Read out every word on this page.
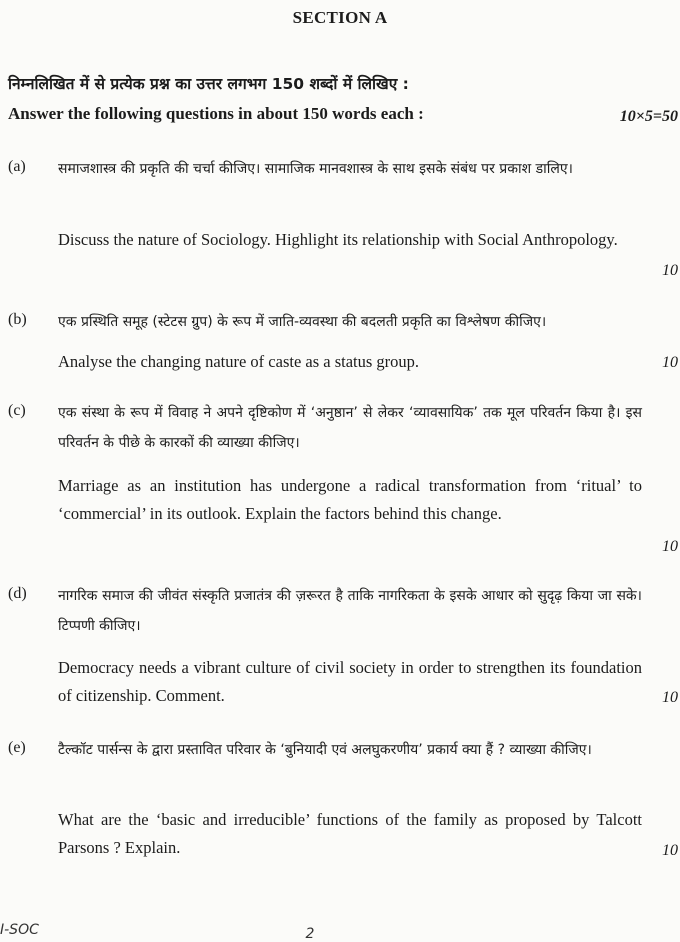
SECTION A
निम्नलिखित में से प्रत्येक प्रश्न का उत्तर लगभग 150 शब्दों में लिखिए :
Answer the following questions in about 150 words each :	10×5=50
(a) समाजशास्त्र की प्रकृति की चर्चा कीजिए। सामाजिक मानवशास्त्र के साथ इसके संबंध पर प्रकाश डालिए।
Discuss the nature of Sociology. Highlight its relationship with Social Anthropology.
10
(b) एक प्रस्थिति समूह (स्टेटस ग्रुप) के रूप में जाति-व्यवस्था की बदलती प्रकृति का विश्लेषण कीजिए।
Analyse the changing nature of caste as a status group.	10
(c) एक संस्था के रूप में विवाह ने अपने दृष्टिकोण में ‘अनुष्ठान’ से लेकर ‘व्यावसायिक’ तक मूल परिवर्तन किया है। इस परिवर्तन के पीछे के कारकों की व्याख्या कीजिए।
Marriage as an institution has undergone a radical transformation from ‘ritual’ to ‘commercial’ in its outlook. Explain the factors behind this change.
10
(d) नागरिक समाज की जीवंत संस्कृति प्रजातंत्र की ज़रूरत है ताकि नागरिकता के इसके आधार को सुदृढ़ किया जा सके। टिप्पणी कीजिए।
Democracy needs a vibrant culture of civil society in order to strengthen its foundation of citizenship. Comment.	10
(e) टैल्कॉट पार्सन्स के द्वारा प्रस्तावित परिवार के ‘बुनियादी एवं अलघुकरणीय’ प्रकार्य क्या हैं ? व्याख्या कीजिए।
What are the ‘basic and irreducible’ functions of the family as proposed by Talcott Parsons ? Explain.	10
I-SOC	2
